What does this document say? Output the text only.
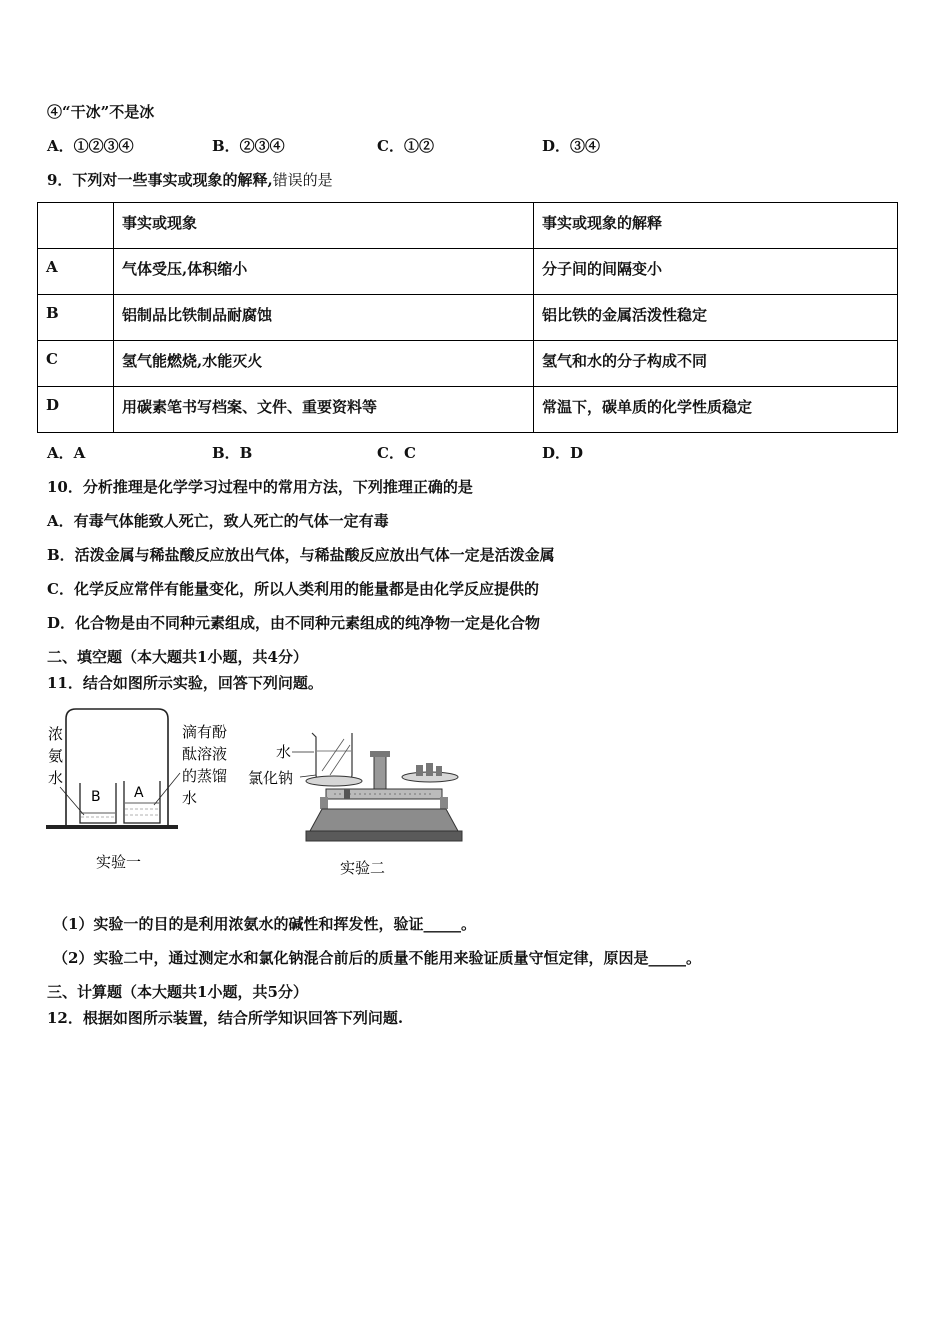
④“干冰”不是冰
A．①②③④	B．②③④	C．①②	D．③④
9．下列对一些事实或现象的解释,错误的是
	事实或现象	事实或现象的解释
A	气体受压,体积缩小	分子间的间隔变小
B	铝制品比铁制品耐腐蚀	铝比铁的金属活泼性稳定
C	氢气能燃烧,水能灭火	氢气和水的分子构成不同
D	用碳素笔书写档案、文件、重要资料等	常温下，碳单质的化学性质稳定
A．A	B．B	C．C	D．D
10．分析推理是化学学习过程中的常用方法，下列推理正确的是
A．有毒气体能致人死亡，致人死亡的气体一定有毒
B．活泼金属与稀盐酸反应放出气体，与稀盐酸反应放出气体一定是活泼金属
C．化学反应常伴有能量变化，所以人类利用的能量都是由化学反应提供的
D．化合物是由不同种元素组成，由不同种元素组成的纯净物一定是化合物
二、填空题（本大题共1小题，共4分）
11．结合如图所示实验，回答下列问题。
B A
浓
氨
水
滴有酚
酞溶液
的蒸馏
水
实验一
水
氯化钠
实验二
（1）实验一的目的是利用浓氨水的碱性和挥发性，验证_____。
（2）实验二中，通过测定水和氯化钠混合前后的质量不能用来验证质量守恒定律，原因是_____。
三、计算题（本大题共1小题，共5分）
12．根据如图所示装置，结合所学知识回答下列问题.
